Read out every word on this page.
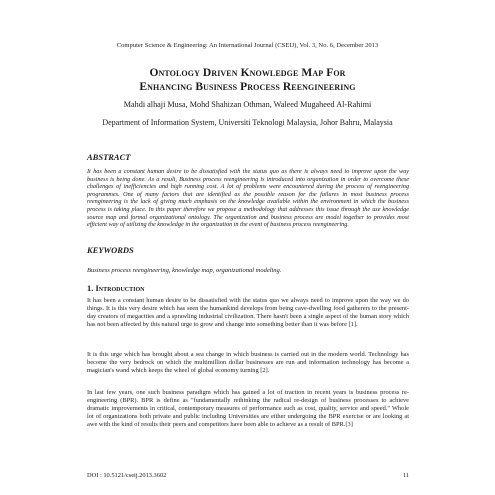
Computer Science & Engineering: An International Journal (CSEIJ), Vol. 3, No. 6, December 2013
Ontology Driven Knowledge Map For
Enhancing Business Process Reengineering
Mahdi alhaji Musa, Mohd Shahizan Othman, Waleed Mugaheed Al-Rahimi
Department of Information System, Universiti Teknologi Malaysia, Johor Bahru, Malaysia
ABSTRACT
It has been a constant human desire to be dissatisfied with the status quo as there is always need to improve upon the way business is being done. As a result, Business process reengineering is introduced into organization in order to overcome these challenges of inefficiencies and high running cost. A lot of problems were encountered during the process of reengineering programmes. One of many factors that are identified as the possible reason for the failures in most business process reengineering is the lack of giving much emphasis on the knowledge available within the environment in which the business process is taking place. In this paper therefore we propose a methodology that addresses this issue through the use knowledge source map and formal organizational ontology. The organization and business process are model together to provides most efficient way of utilizing the knowledge in the organization in the event of business process reengineering.
KEYWORDS
Business process reengineering, knowledge map, organizational modeling.
1. Introduction
It has been a constant human desire to be dissatisfied with the status quo we always need to improve upon the way we do things. It is this very desire which has seen the humankind develops from being cave-dwelling food gatherers to the present- day creators of megacities and a sprawling industrial civilization. There hasn't been a single aspect of the human story which has not been affected by this natural urge to grow and change into something better than it was before [1].
It is this urge which has brought about a sea change in which business is carried out in the modern world. Technology has become the very bedrock on which the multimillion dollar businesses are run and information technology has become a magician's wand which keeps the wheel of global economy turning [2].
In last few years, one such business paradigm which has gained a lot of traction in recent years is business process re-engineering (BPR). BPR is define as "fundamentally rethinking the radical re-design of business processes to achieve dramatic improvements in critical, contemporary measures of performance such as cost, quality, service and speed." Whole lot of organizations both private and public including Universities are either undergoing the BPR exercise or are looking at awe with the kind of results their peers and competitors have been able to achieve as a result of BPR.[3]
DOI : 10.5121/cseij.2013.3602	11
